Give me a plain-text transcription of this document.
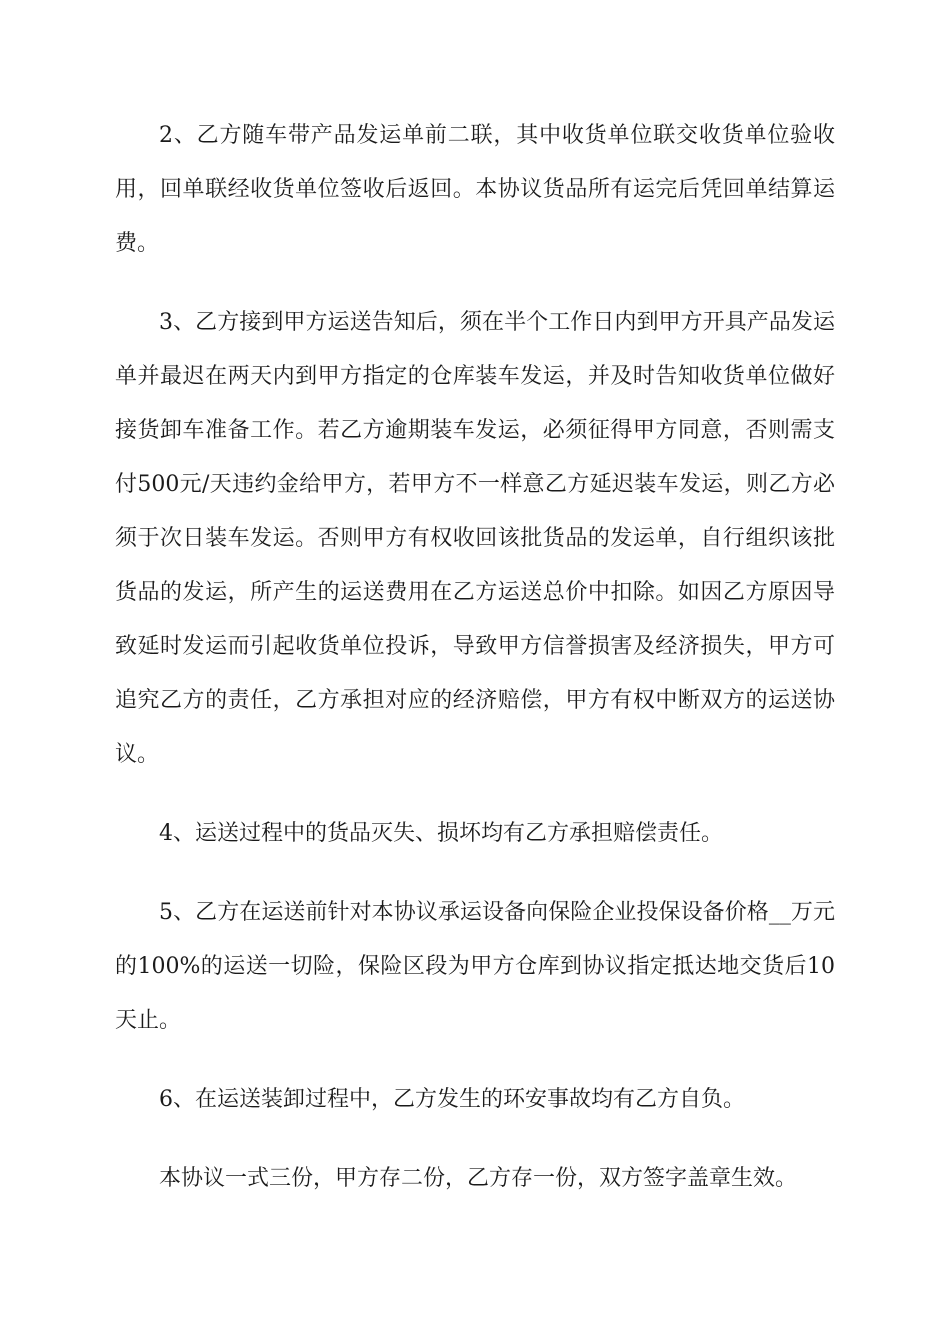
2、乙方随车带产品发运单前二联，其中收货单位联交收货单位验收用，回单联经收货单位签收后返回。本协议货品所有运完后凭回单结算运费。

3、乙方接到甲方运送告知后，须在半个工作日内到甲方开具产品发运单并最迟在两天内到甲方指定的仓库装车发运，并及时告知收货单位做好接货卸车准备工作。若乙方逾期装车发运，必须征得甲方同意，否则需支付500元/天违约金给甲方，若甲方不一样意乙方延迟装车发运，则乙方必须于次日装车发运。否则甲方有权收回该批货品的发运单，自行组织该批货品的发运，所产生的运送费用在乙方运送总价中扣除。如因乙方原因导致延时发运而引起收货单位投诉，导致甲方信誉损害及经济损失，甲方可追究乙方的责任，乙方承担对应的经济赔偿，甲方有权中断双方的运送协议。

4、运送过程中的货品灭失、损坏均有乙方承担赔偿责任。

5、乙方在运送前针对本协议承运设备向保险企业投保设备价格__万元的100%的运送一切险，保险区段为甲方仓库到协议指定抵达地交货后10天止。

6、在运送装卸过程中，乙方发生的环安事故均有乙方自负。

本协议一式三份，甲方存二份，乙方存一份，双方签字盖章生效。
